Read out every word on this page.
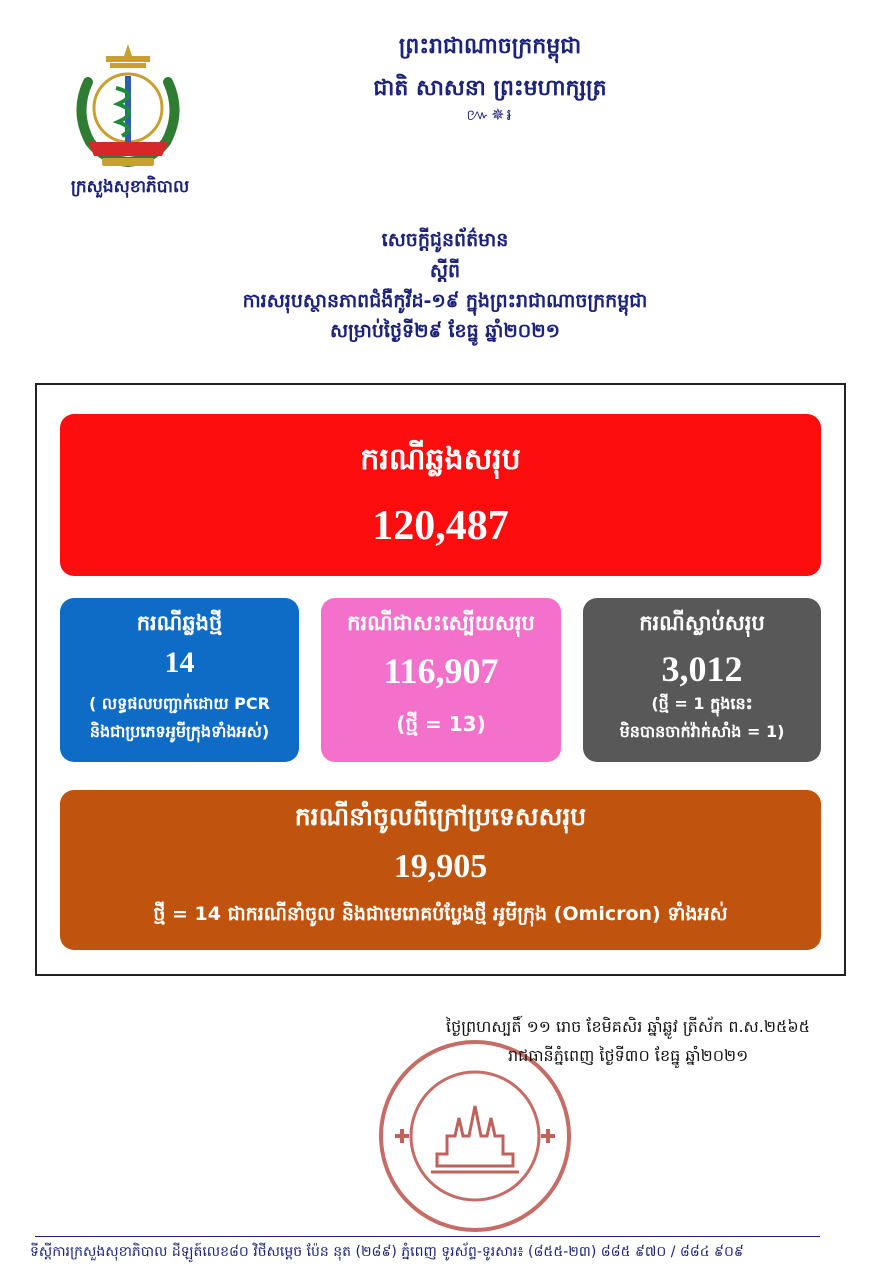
ព្រះរាជាណាចក្រកម្ពុជា
ជាតិ សាសនា ព្រះមហាក្សត្រ
៚✵៛
ក្រសួងសុខាភិបាល
សេចក្តីជូនព័ត៌មាន
ស្តីពី
ការសរុបស្ថានភាពជំងឺកូវីដ-១៩ ក្នុងព្រះរាជាណាចក្រកម្ពុជា
សម្រាប់ថ្ងៃទី២៩ ខែធ្នូ ឆ្នាំ២០២១
ករណីឆ្លងសរុប
120,487
ករណីឆ្លងថ្មី
14
( លទ្ធផលបញ្ជាក់ដោយ PCR
និងជាប្រភេទអូមីក្រុងទាំងអស់)
ករណីជាសះស្បើយសរុប
116,907
(ថ្មី = 13)
ករណីស្លាប់សរុប
3,012
(ថ្មី = 1 ក្នុងនេះ
មិនបានចាក់វ៉ាក់សាំង = 1)
ករណីនាំចូលពីក្រៅប្រទេសសរុប
19,905
ថ្មី = 14 ជាករណីនាំចូល និងជាមេរោគបំប្លែងថ្មី អូមីក្រុង (Omicron) ទាំងអស់
ថ្ងៃព្រហស្បតិ៍ ១១ រោច ខែមិគសិរ ឆ្នាំឆ្លូវ ត្រីស័ក ព.ស.២៥៦៥
រាជធានីភ្នំពេញ ថ្ងៃទី៣០ ខែធ្នូ ឆ្នាំ២០២១
ទីស្តីការក្រសួងសុខាភិបាល ដីឡូត៍លេខ៨០ វិថីសម្តេច ប៉ែន នុត (២៨៩) ភ្នំពេញ ទូរស័ព្ទ-ទូរសារ៖ (៨៥៥-២៣) ៨៨៥ ៩៧០ / ៨៨៤ ៩០៩
